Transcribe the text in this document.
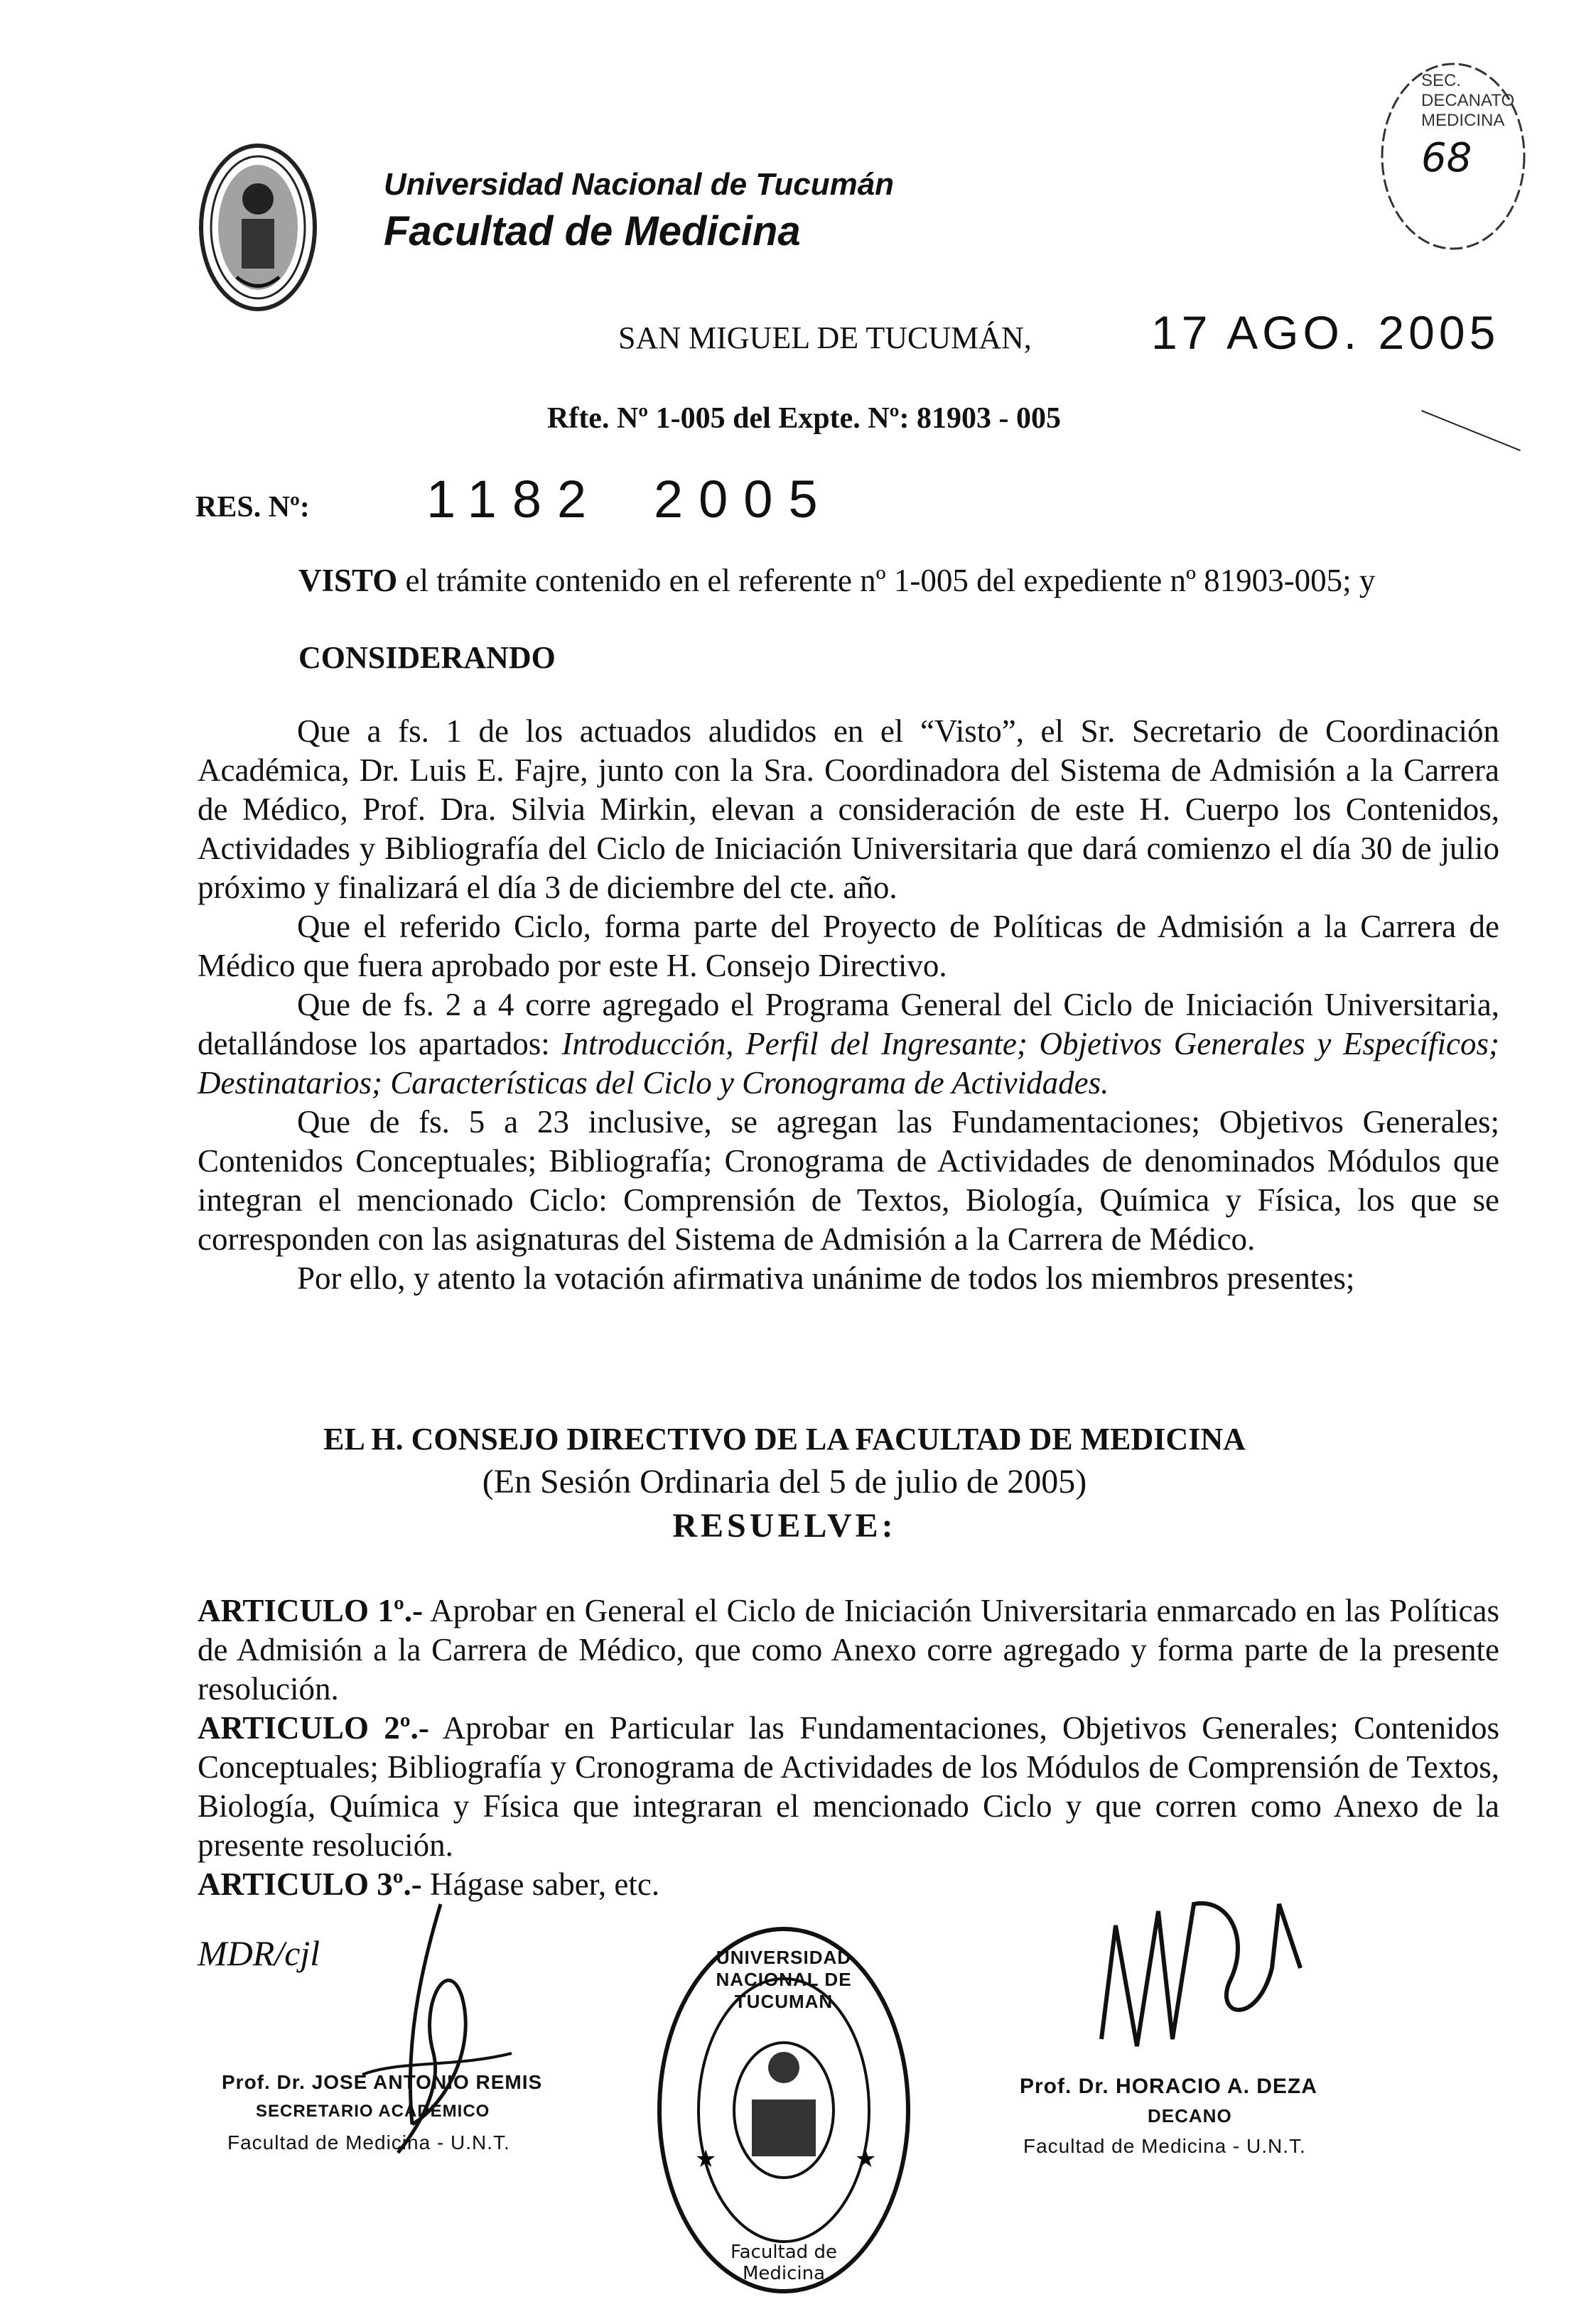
Universidad Nacional de Tucumán
Facultad de Medicina
SEC. DECANATO MEDICINA
68
SAN MIGUEL DE TUCUMÁN,	17 AGO. 2005
Rfte. Nº 1-005 del Expte. Nº: 81903 - 005
RES. Nº: 1182 2005
VISTO el trámite contenido en el referente nº 1-005 del expediente nº 81903-005; y
CONSIDERANDO

Que a fs. 1 de los actuados aludidos en el “Visto”, el Sr. Secretario de Coordinación Académica, Dr. Luis E. Fajre, junto con la Sra. Coordinadora del Sistema de Admisión a la Carrera de Médico, Prof. Dra. Silvia Mirkin, elevan a consideración de este H. Cuerpo los Contenidos, Actividades y Bibliografía del Ciclo de Iniciación Universitaria que dará comienzo el día 30 de julio próximo y finalizará el día 3 de diciembre del cte. año.

Que el referido Ciclo, forma parte del Proyecto de Políticas de Admisión a la Carrera de Médico que fuera aprobado por este H. Consejo Directivo.

Que de fs. 2 a 4 corre agregado el Programa General del Ciclo de Iniciación Universitaria, detallándose los apartados: Introducción, Perfil del Ingresante; Objetivos Generales y Específicos; Destinatarios; Características del Ciclo y Cronograma de Actividades.

Que de fs. 5 a 23 inclusive, se agregan las Fundamentaciones; Objetivos Generales; Contenidos Conceptuales; Bibliografía; Cronograma de Actividades de denominados Módulos que integran el mencionado Ciclo: Comprensión de Textos, Biología, Química y Física, los que se corresponden con las asignaturas del Sistema de Admisión a la Carrera de Médico.

Por ello, y atento la votación afirmativa unánime de todos los miembros presentes;

EL H. CONSEJO DIRECTIVO DE LA FACULTAD DE MEDICINA
(En Sesión Ordinaria del 5 de julio de 2005)
RESUELVE:

ARTICULO 1º.- Aprobar en General el Ciclo de Iniciación Universitaria enmarcado en las Políticas de Admisión a la Carrera de Médico, que como Anexo corre agregado y forma parte de la presente resolución.

ARTICULO 2º.- Aprobar en Particular las Fundamentaciones, Objetivos Generales; Contenidos Conceptuales; Bibliografía y Cronograma de Actividades de los Módulos de Comprensión de Textos, Biología, Química y Física que integraran el mencionado Ciclo y que corren como Anexo de la presente resolución.

ARTICULO 3º.- Hágase saber, etc.

MDR/cjl
Prof. Dr. JOSE ANTONIO REMIS
SECRETARIO ACADEMICO
Facultad de Medicina - U.N.T.
★	★
UNIVERSIDAD NACIONAL DE TUCUMAN
Facultad de Medicina
Prof. Dr. HORACIO A. DEZA
DECANO
Facultad de Medicina - U.N.T.
